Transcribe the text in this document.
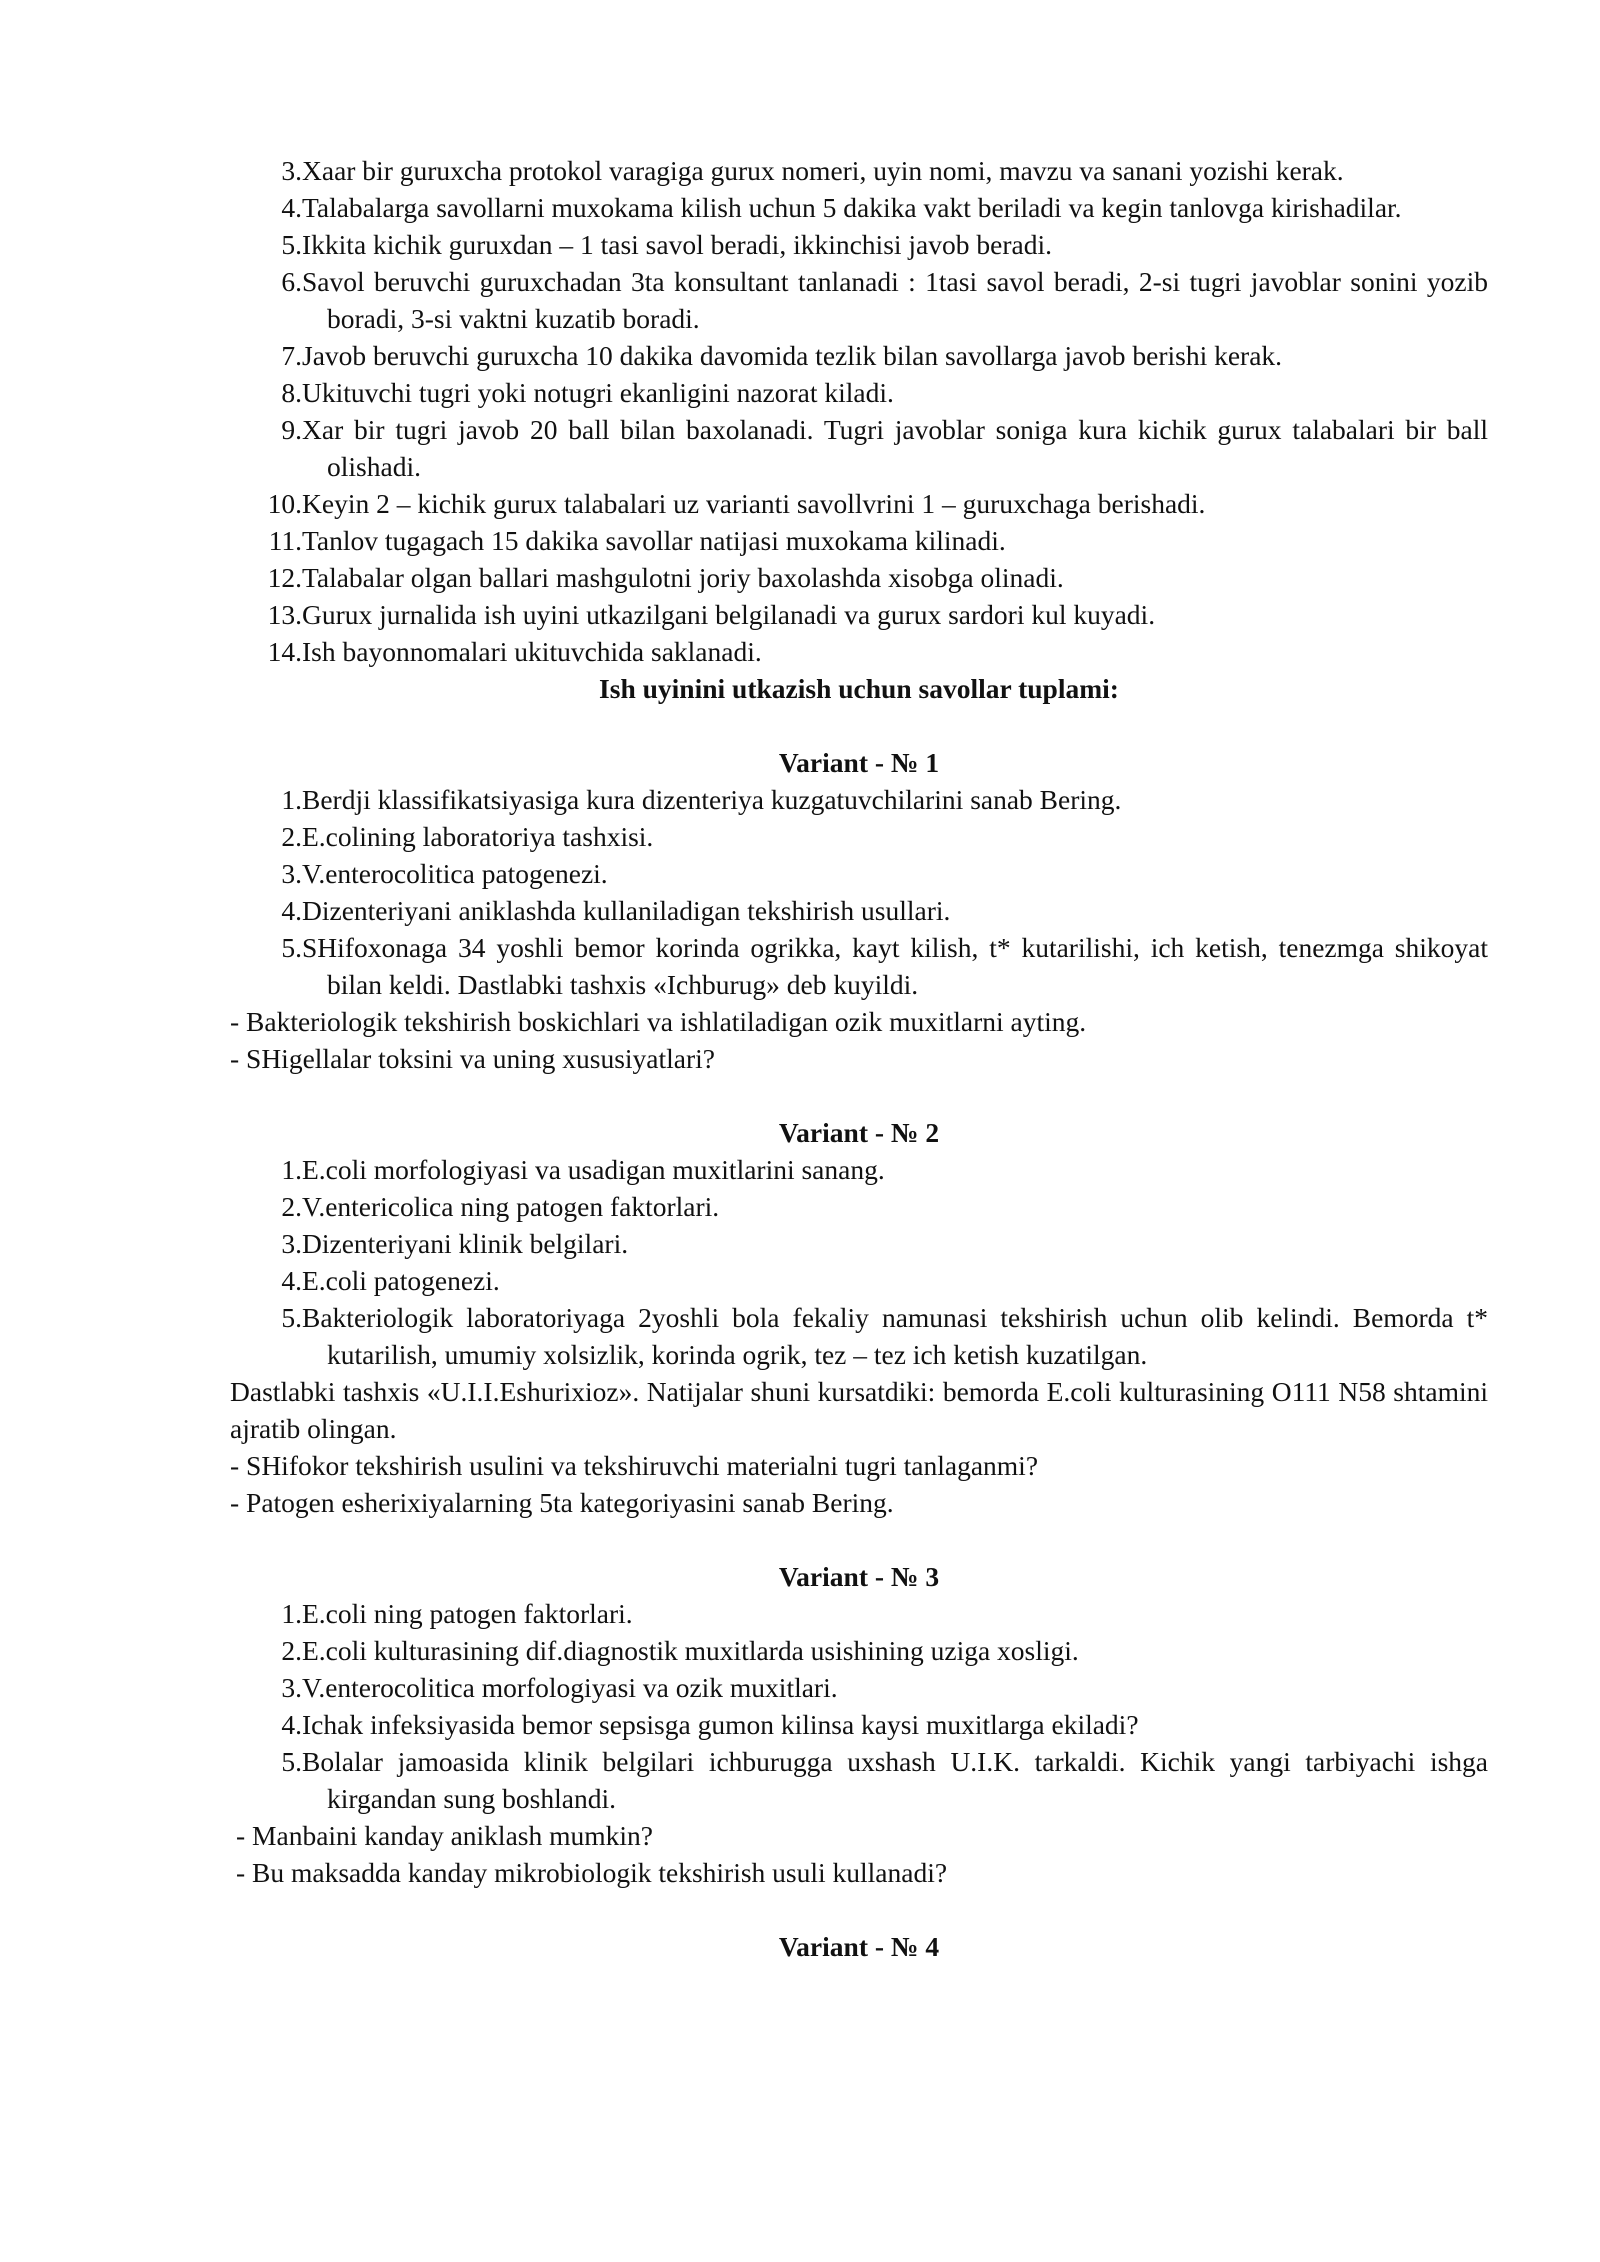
3. Xaar bir guruxcha protokol varagiga gurux nomeri, uyin nomi, mavzu va sanani yozishi kerak.
4. Talabalarga savollarni muxokama kilish uchun 5 dakika vakt beriladi va kegin tanlovga kirishadilar.
5. Ikkita kichik guruxdan – 1 tasi savol beradi, ikkinchisi javob beradi.
6. Savol beruvchi guruxchadan 3ta konsultant tanlanadi : 1tasi savol beradi, 2-si tugri javoblar sonini yozib boradi, 3-si vaktni kuzatib boradi.
7. Javob beruvchi guruxcha 10 dakika davomida tezlik bilan savollarga javob berishi kerak.
8. Ukituvchi tugri yoki notugri ekanligini nazorat kiladi.
9. Xar bir tugri javob 20 ball bilan baxolanadi. Tugri javoblar soniga kura kichik gurux talabalari bir ball olishadi.
10. Keyin 2 – kichik gurux talabalari uz varianti savollvrini 1 – guruxchaga berishadi.
11. Tanlov tugagach 15 dakika savollar natijasi muxokama kilinadi.
12. Talabalar olgan ballari mashgulotni joriy baxolashda xisobga olinadi.
13. Gurux jurnalida ish uyini utkazilgani belgilanadi va gurux sardori kul kuyadi.
14. Ish bayonnomalari ukituvchida saklanadi.
Ish uyinini utkazish uchun savollar tuplami:
Variant - № 1
1. Berdji klassifikatsiyasiga kura dizenteriya kuzgatuvchilarini sanab Bering.
2. E.colining laboratoriya tashxisi.
3. V.enterocolitica patogenezi.
4. Dizenteriyani aniklashda kullaniladigan tekshirish usullari.
5. SHifoxonaga 34 yoshli bemor korinda ogrikka, kayt kilish, t* kutarilishi, ich ketish, tenezmga shikoyat bilan keldi. Dastlabki tashxis «Ichburug» deb kuyildi.
- Bakteriologik tekshirish boskichlari va ishlatiladigan ozik muxitlarni ayting.
- SHigellalar toksini va uning xususiyatlari?
Variant - № 2
1. E.coli morfologiyasi va usadigan muxitlarini sanang.
2. V.entericolica ning patogen faktorlari.
3. Dizenteriyani klinik belgilari.
4. E.coli patogenezi.
5. Bakteriologik laboratoriyaga 2yoshli bola fekaliy namunasi tekshirish uchun olib kelindi. Bemorda t* kutarilish, umumiy xolsizlik, korinda ogrik, tez – tez ich ketish kuzatilgan.
Dastlabki tashxis «U.I.I.Eshurixioz». Natijalar shuni kursatdiki: bemorda E.coli kulturasining O111 N58 shtamini ajratib olingan.
- SHifokor tekshirish usulini va tekshiruvchi materialni tugri tanlaganmi?
- Patogen esherixiyalarning 5ta kategoriyasini sanab Bering.
Variant - № 3
1. E.coli ning patogen faktorlari.
2. E.coli kulturasining dif.diagnostik muxitlarda usishining uziga xosligi.
3. V.enterocolitica morfologiyasi va ozik muxitlari.
4. Ichak infeksiyasida bemor sepsisga gumon kilinsa kaysi muxitlarga ekiladi?
5. Bolalar jamoasida klinik belgilari ichburugga uxshash U.I.K. tarkaldi. Kichik yangi tarbiyachi ishga kirgandan sung boshlandi.
- Manbaini kanday aniklash mumkin?
- Bu maksadda kanday mikrobiologik tekshirish usuli kullanadi?
Variant - № 4
